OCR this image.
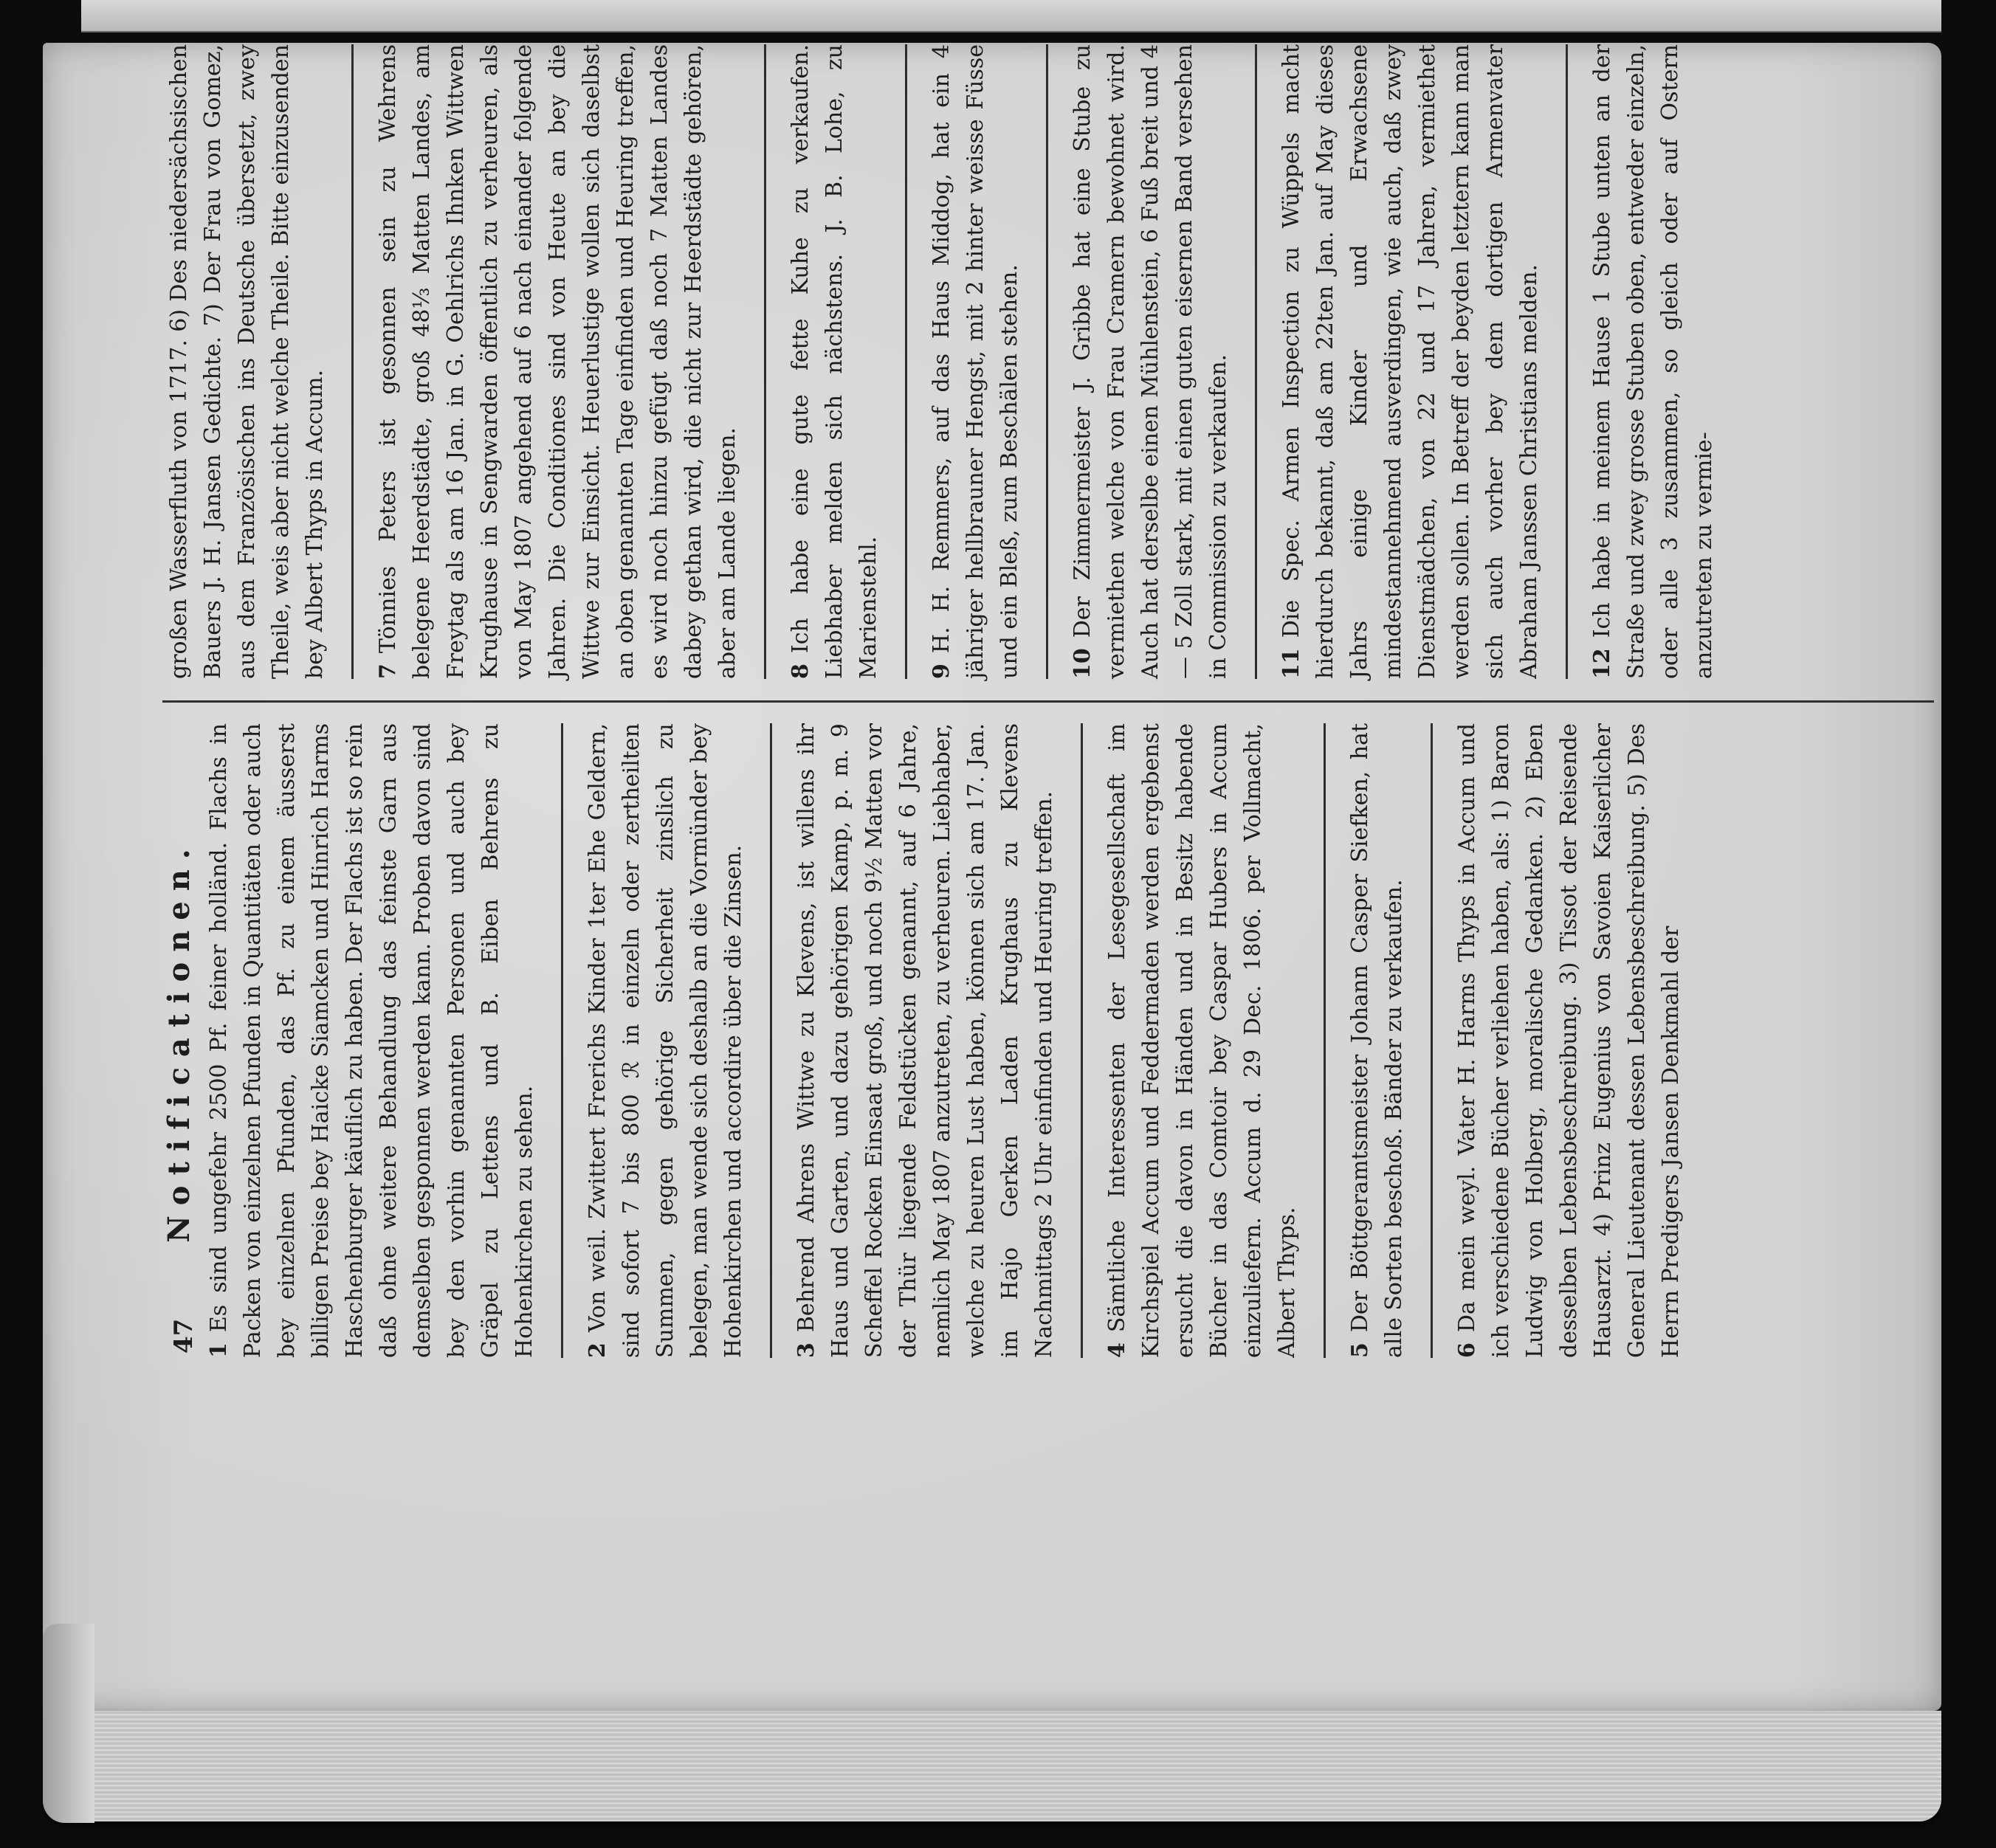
47
Notificationen.

1Es sind ungefehr 2500 Pf. feiner holländ. Flachs in Packen von einzelnen Pfunden in Quantitäten oder auch bey einzelnen Pfunden, das Pf. zu einem äusserst billigen Preise bey Haicke Siamcken und Hinrich Harms Haschenburger käuflich zu haben. Der Flachs ist so rein daß ohne weitere Behandlung das feinste Garn aus demselben gesponnen werden kann. Proben davon sind bey den vorhin genannten Personen und auch bey Gräpel zu Lettens und B. Eiben Behrens zu Hohenkirchen zu sehen. 2Von weil. Zwittert Frerichs Kinder 1ter Ehe Geldern, sind sofort 7 bis 800 ℛ in einzeln oder zertheilten Summen, gegen gehörige Sicherheit zinslich zu belegen, man wende sich deshalb an die Vormünder bey Hohenkirchen und accordire über die Zinsen. 3Behrend Ahrens Wittwe zu Klevens, ist willens ihr Haus und Garten, und dazu gehörigen Kamp, p. m. 9 Scheffel Rocken Einsaat groß, und noch 9½ Matten vor der Thür liegende Feldstücken genannt, auf 6 Jahre, nemlich May 1807 anzutreten, zu verheuren. Liebhaber, welche zu heuren Lust haben, können sich am 17. Jan. im Hajo Gerken Laden Krughaus zu Klevens Nachmittags 2 Uhr einfinden und Heuring treffen. 4Sämtliche Interessenten der Lesegesellschaft im Kirchspiel Accum und Feddermaden werden ergebenst ersucht die davon in Händen und in Besitz habende Bücher in das Comtoir bey Caspar Hubers in Accum einzuliefern. Accum d. 29 Dec. 1806. per Vollmacht, Albert Thyps. 5Der Böttgeramtsmeister Johann Casper Siefken, hat alle Sorten beschoß. Bänder zu verkaufen. 6Da mein weyl. Vater H. Harms Thyps in Accum und ich verschiedene Bücher verliehen haben, als: 1) Baron Ludwig von Holberg, moralische Gedanken. 2) Eben desselben Lebensbeschreibung. 3) Tissot der Reisende Hausarzt. 4) Prinz Eugenius von Savoien Kaiserlicher General Lieutenant dessen Lebensbeschreibung. 5) Des Herrn Predigers Jansen Denkmahl der

großen Wasserfluth von 1717. 6) Des niedersächsischen Bauers J. H. Jansen Gedichte. 7) Der Frau von Gomez, aus dem Französischen ins Deutsche übersetzt, zwey Theile, weis aber nicht welche Theile. Bitte einzusenden bey Albert Thyps in Accum. 7Tönnies Peters ist gesonnen sein zu Wehrens belegene Heerdstädte, groß 48⅓ Matten Landes, am Freytag als am 16 Jan. in G. Oehlrichs Ihnken Wittwen Krughause in Sengwarden öffentlich zu verheuren, als von May 1807 angehend auf 6 nach einander folgende Jahren. Die Conditiones sind von Heute an bey die Wittwe zur Einsicht. Heuerlustige wollen sich daselbst an oben genannten Tage einfinden und Heuring treffen, es wird noch hinzu gefügt daß noch 7 Matten Landes dabey gethan wird, die nicht zur Heerdstädte gehören, aber am Lande liegen. 8Ich habe eine gute fette Kuhe zu verkaufen. Liebhaber melden sich nächstens. J. B. Lohe, zu Marienstehl. 9H. H. Remmers, auf das Haus Middog, hat ein 4 jähriger hellbrauner Hengst, mit 2 hinter weisse Füsse und ein Bleß, zum Beschälen stehen. 10Der Zimmermeister J. Gribbe hat eine Stube zu vermiethen welche von Frau Cramern bewohnet wird. Auch hat derselbe einen Mühlenstein, 6 Fuß breit und 4 — 5 Zoll stark, mit einen guten eisernen Band versehen in Commission zu verkaufen. 11Die Spec. Armen Inspection zu Wüppels macht hierdurch bekannt, daß am 22ten Jan. auf May dieses Jahrs einige Kinder und Erwachsene mindestannehmend ausverdingen, wie auch, daß zwey Dienstmädchen, von 22 und 17 Jahren, vermiethet werden sollen. In Betreff der beyden letztern kann man sich auch vorher bey dem dortigen Armenvater Abraham Janssen Christians melden. 12Ich habe in meinem Hause 1 Stube unten an der Straße und zwey grosse Stuben oben, entweder einzeln, oder alle 3 zusammen, so gleich oder auf Ostern anzutreten zu vermie-
